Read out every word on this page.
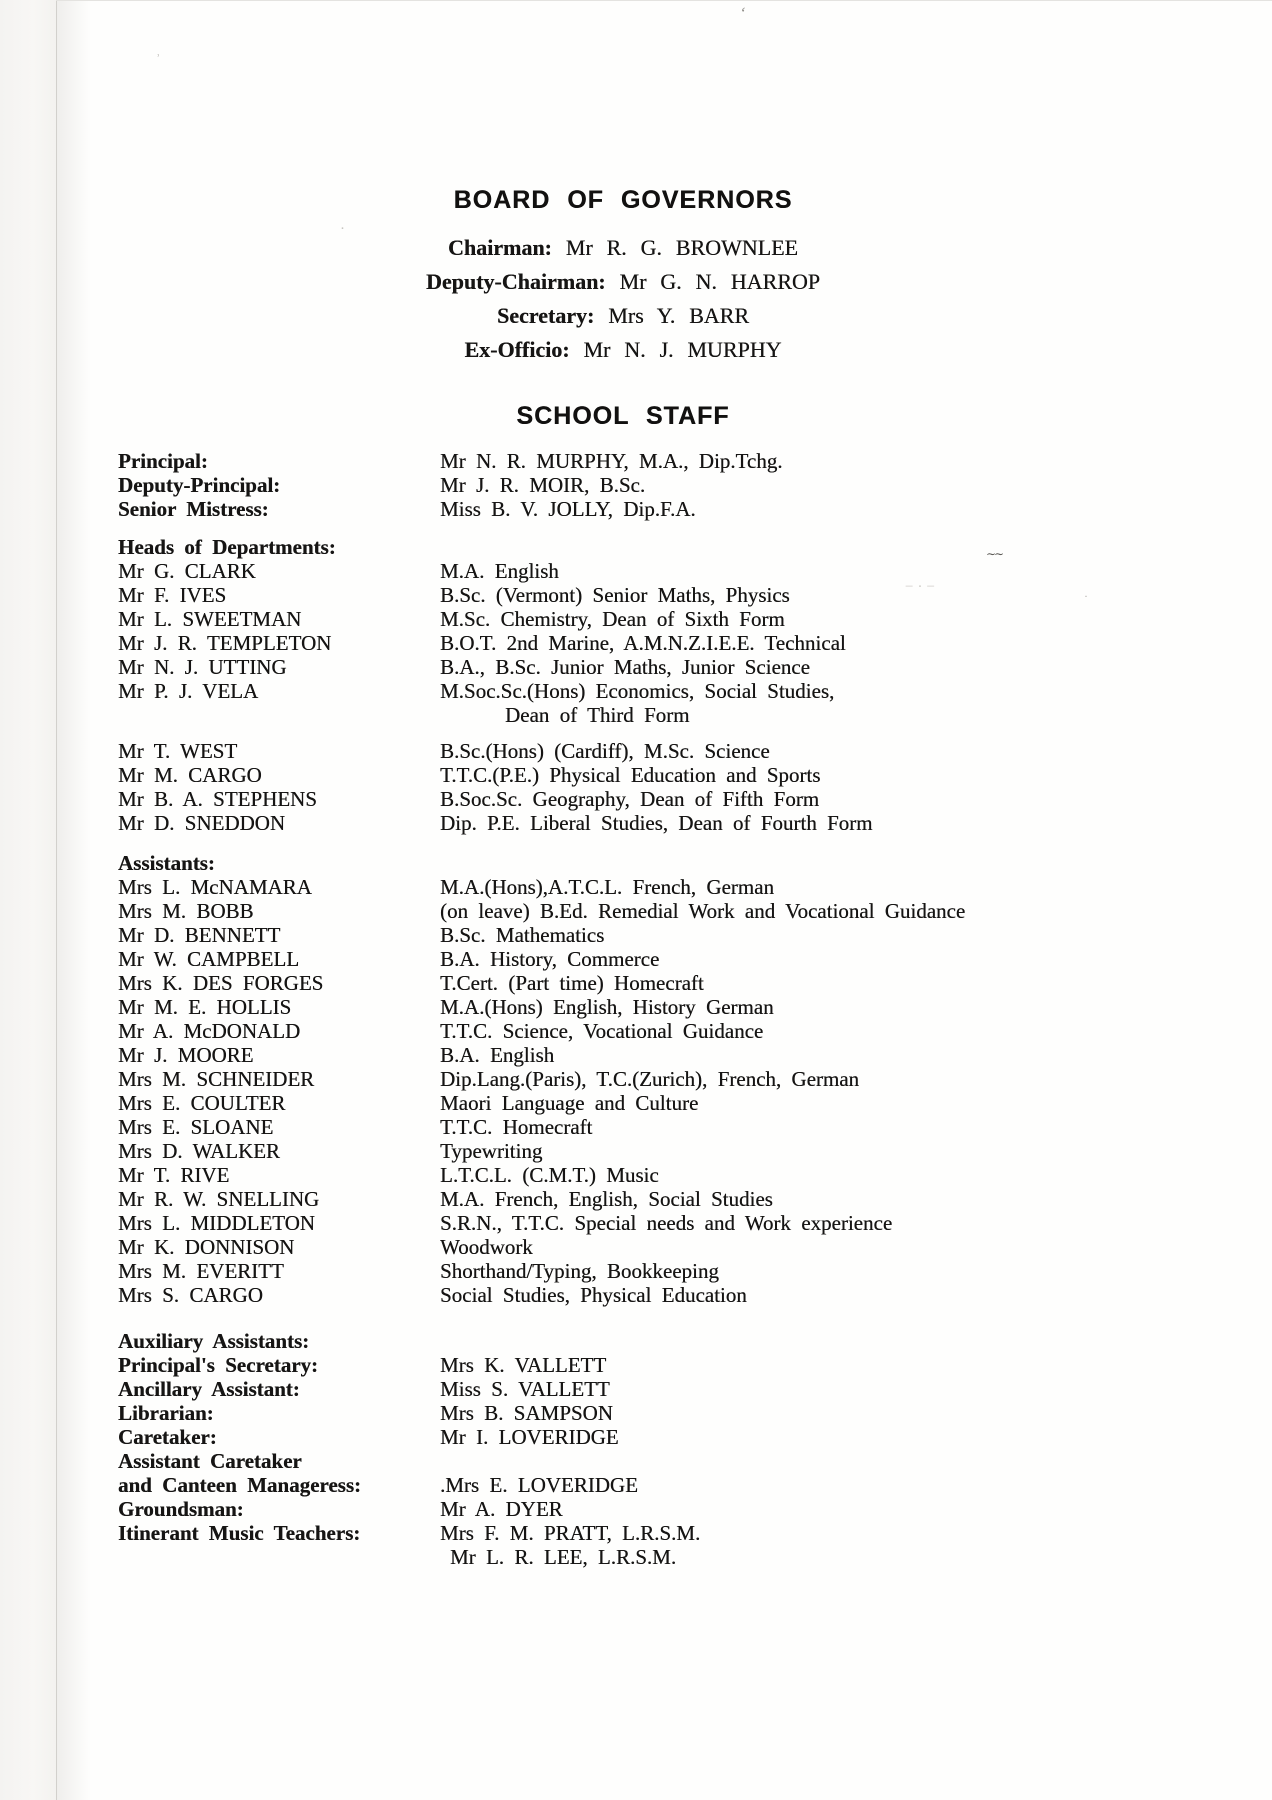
ʻ
ʾ
∼∼
−·−
·
·
BOARD OF GOVERNORS
Chairman: Mr R. G. BROWNLEE
Deputy-Chairman: Mr G. N. HARROP
Secretary: Mrs Y. BARR
Ex-Officio: Mr N. J. MURPHY
SCHOOL STAFF
Principal:	Mr N. R. MURPHY, M.A., Dip.Tchg.
Deputy-Principal:	Mr J. R. MOIR, B.Sc.
Senior Mistress:	Miss B. V. JOLLY, Dip.F.A.
Heads of Departments:
Mr G. CLARK	M.A. English
Mr F. IVES	B.Sc. (Vermont) Senior Maths, Physics
Mr L. SWEETMAN	M.Sc. Chemistry, Dean of Sixth Form
Mr J. R. TEMPLETON	B.O.T. 2nd Marine, A.M.N.Z.I.E.E. Technical
Mr N. J. UTTING	B.A., B.Sc. Junior Maths, Junior Science
Mr P. J. VELA	M.Soc.Sc.(Hons) Economics, Social Studies,
Dean of Third Form
Mr T. WEST	B.Sc.(Hons) (Cardiff), M.Sc. Science
Mr M. CARGO	T.T.C.(P.E.) Physical Education and Sports
Mr B. A. STEPHENS	B.Soc.Sc. Geography, Dean of Fifth Form
Mr D. SNEDDON	Dip. P.E. Liberal Studies, Dean of Fourth Form
Assistants:
Mrs L. McNAMARA	M.A.(Hons),A.T.C.L. French, German
Mrs M. BOBB	(on leave) B.Ed. Remedial Work and Vocational Guidance
Mr D. BENNETT	B.Sc. Mathematics
Mr W. CAMPBELL	B.A. History, Commerce
Mrs K. DES FORGES	T.Cert. (Part time) Homecraft
Mr M. E. HOLLIS	M.A.(Hons) English, History German
Mr A. McDONALD	T.T.C. Science, Vocational Guidance
Mr J. MOORE	B.A. English
Mrs M. SCHNEIDER	Dip.Lang.(Paris), T.C.(Zurich), French, German
Mrs E. COULTER	Maori Language and Culture
Mrs E. SLOANE	T.T.C. Homecraft
Mrs D. WALKER	Typewriting
Mr T. RIVE	L.T.C.L. (C.M.T.) Music
Mr R. W. SNELLING	M.A. French, English, Social Studies
Mrs L. MIDDLETON	S.R.N., T.T.C. Special needs and Work experience
Mr K. DONNISON	Woodwork
Mrs M. EVERITT	Shorthand/Typing, Bookkeeping
Mrs S. CARGO	Social Studies, Physical Education
Auxiliary Assistants:
Principal's Secretary:	Mrs K. VALLETT
Ancillary Assistant:	Miss S. VALLETT
Librarian:	Mrs B. SAMPSON
Caretaker:	Mr I. LOVERIDGE
Assistant Caretaker
and Canteen Manageress:	.Mrs E. LOVERIDGE
Groundsman:	Mr A. DYER
Itinerant Music Teachers:	Mrs F. M. PRATT, L.R.S.M.
Mr L. R. LEE, L.R.S.M.
